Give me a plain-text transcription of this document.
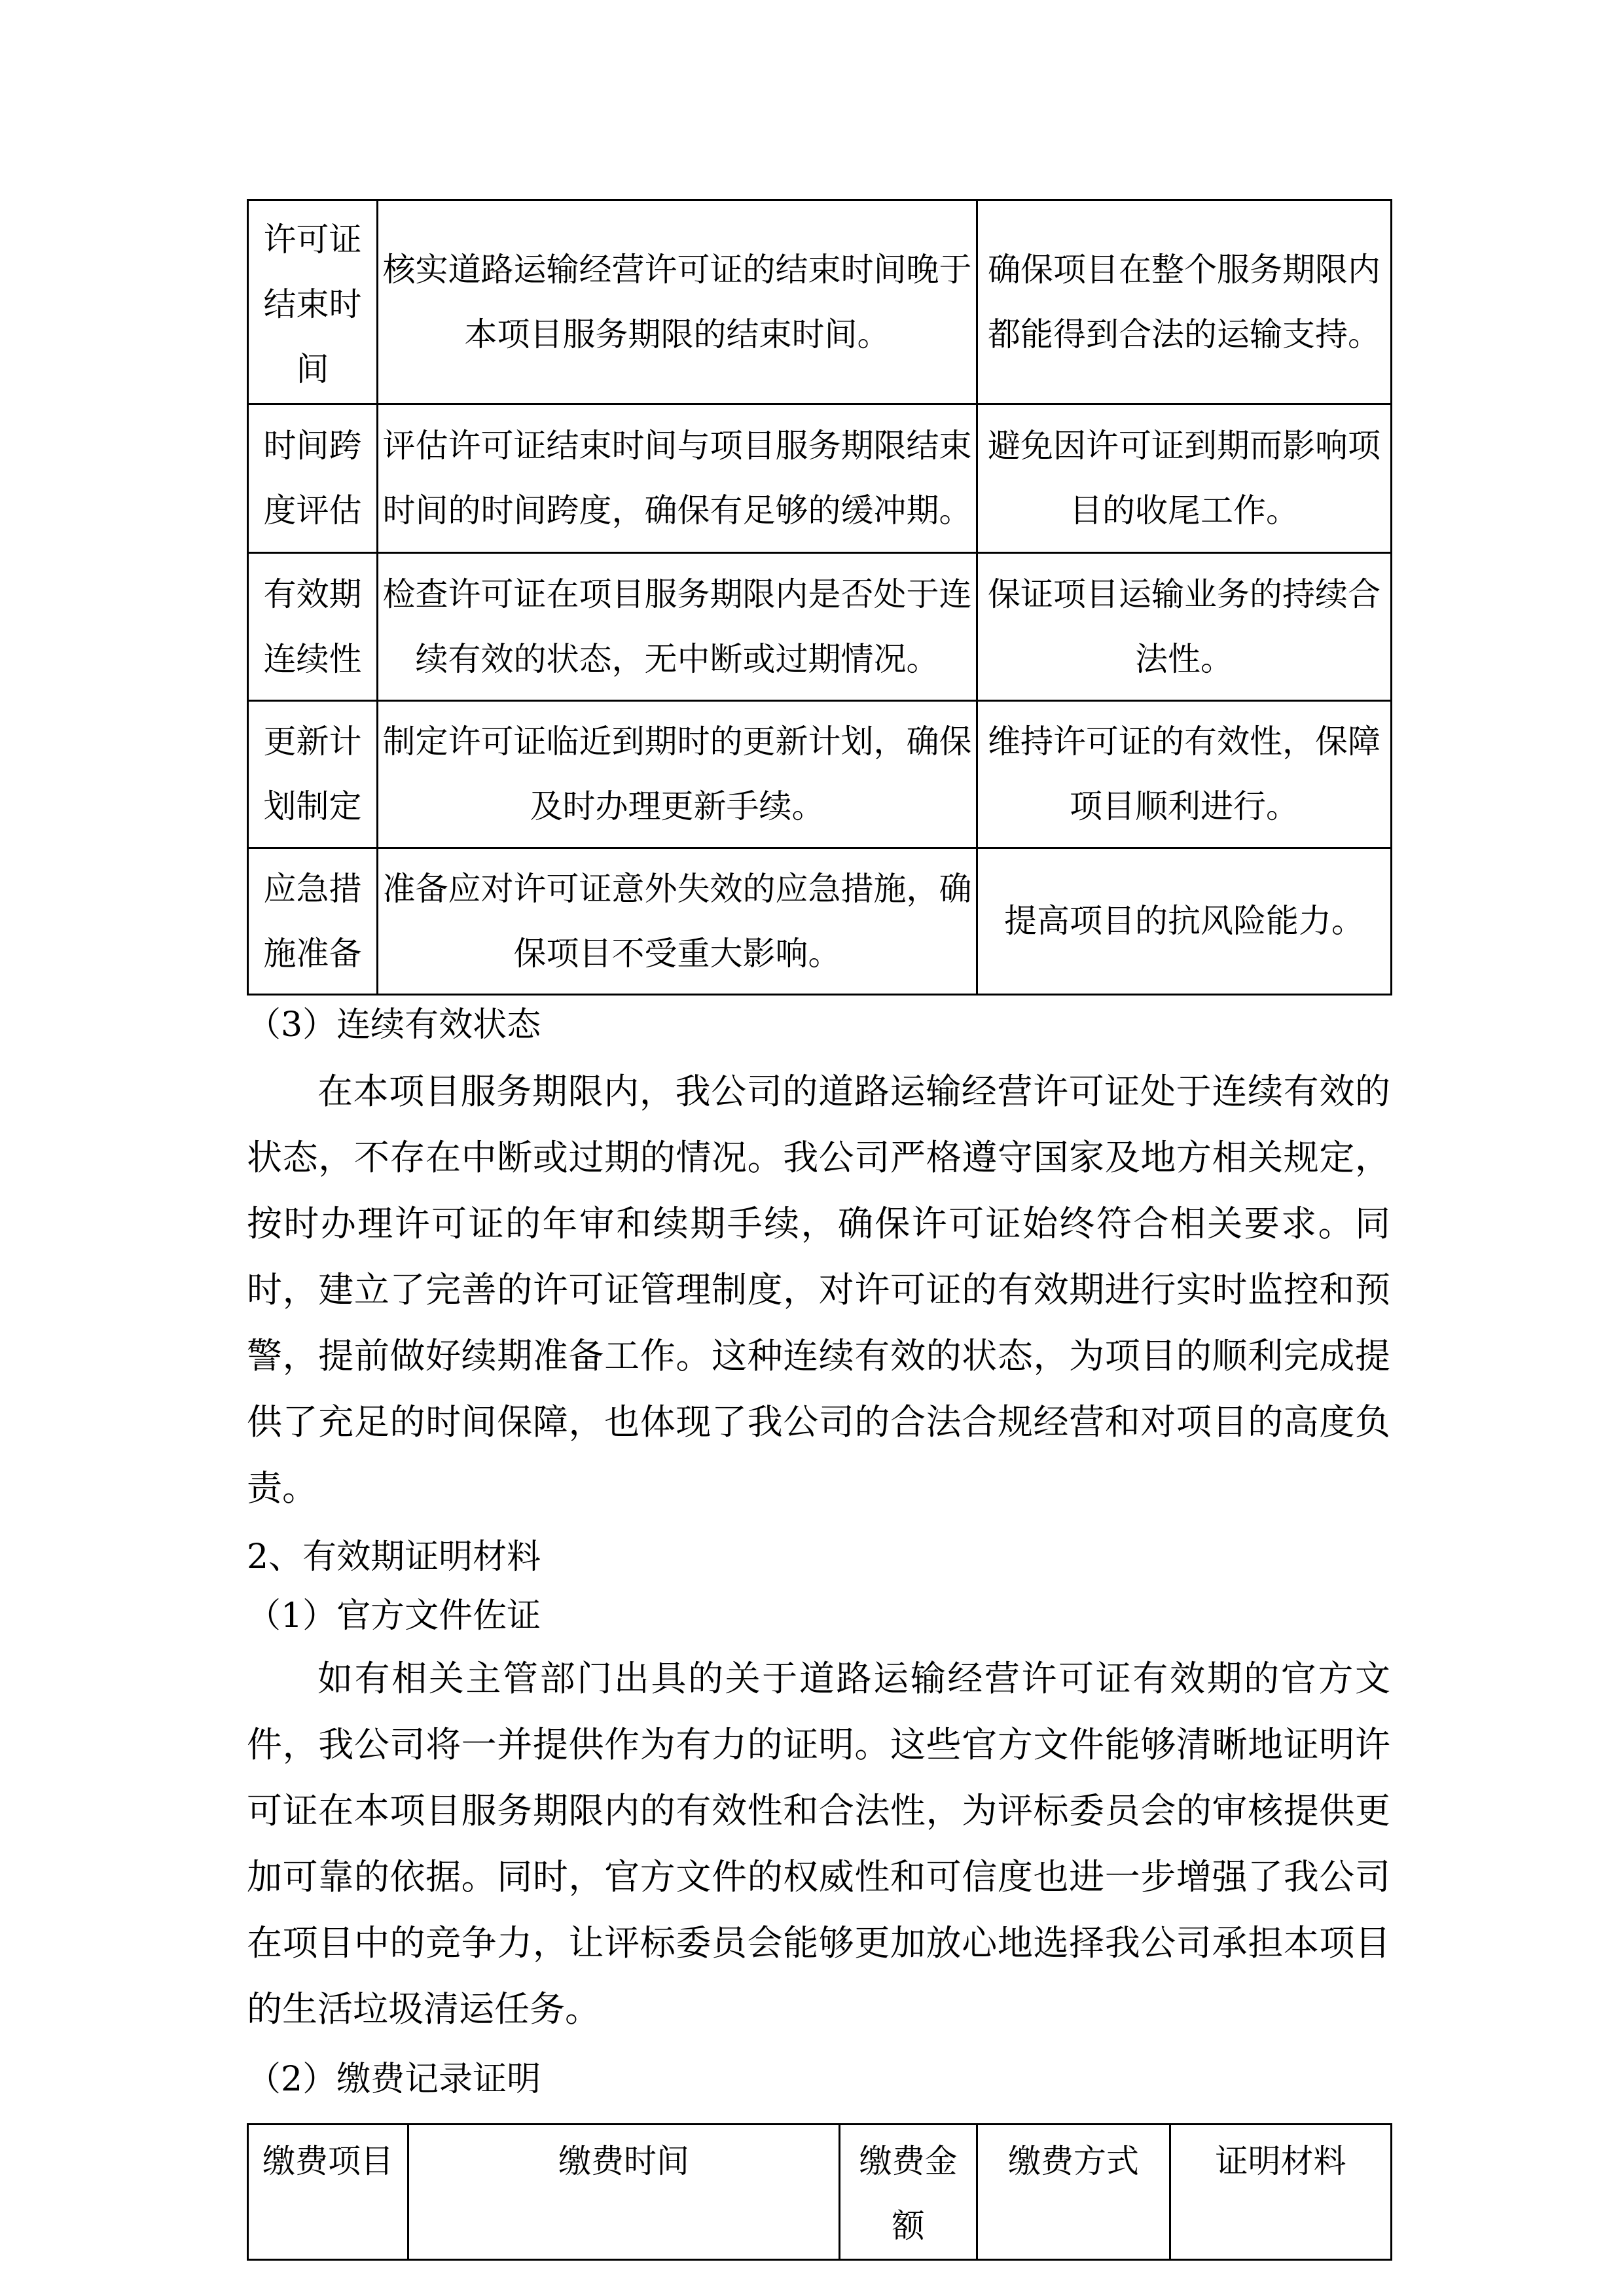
许可证结束时间	核实道路运输经营许可证的结束时间晚于本项目服务期限的结束时间。	确保项目在整个服务期限内都能得到合法的运输支持。
时间跨度评估	评估许可证结束时间与项目服务期限结束时间的时间跨度，确保有足够的缓冲期。	避免因许可证到期而影响项目的收尾工作。
有效期连续性	检查许可证在项目服务期限内是否处于连续有效的状态，无中断或过期情况。	保证项目运输业务的持续合法性。
更新计划制定	制定许可证临近到期时的更新计划，确保及时办理更新手续。	维持许可证的有效性，保障项目顺利进行。
应急措施准备	准备应对许可证意外失效的应急措施，确保项目不受重大影响。	提高项目的抗风险能力。
（3）连续有效状态
在本项目服务期限内，我公司的道路运输经营许可证处于连续有效的状态，不存在中断或过期的情况。我公司严格遵守国家及地方相关规定，按时办理许可证的年审和续期手续，确保许可证始终符合相关要求。同时，建立了完善的许可证管理制度，对许可证的有效期进行实时监控和预警，提前做好续期准备工作。这种连续有效的状态，为项目的顺利完成提供了充足的时间保障，也体现了我公司的合法合规经营和对项目的高度负责。
2、有效期证明材料
（1）官方文件佐证
如有相关主管部门出具的关于道路运输经营许可证有效期的官方文件，我公司将一并提供作为有力的证明。这些官方文件能够清晰地证明许可证在本项目服务期限内的有效性和合法性，为评标委员会的审核提供更加可靠的依据。同时，官方文件的权威性和可信度也进一步增强了我公司在项目中的竞争力，让评标委员会能够更加放心地选择我公司承担本项目的生活垃圾清运任务。
（2）缴费记录证明
缴费项目	缴费时间	缴费金额	缴费方式	证明材料
